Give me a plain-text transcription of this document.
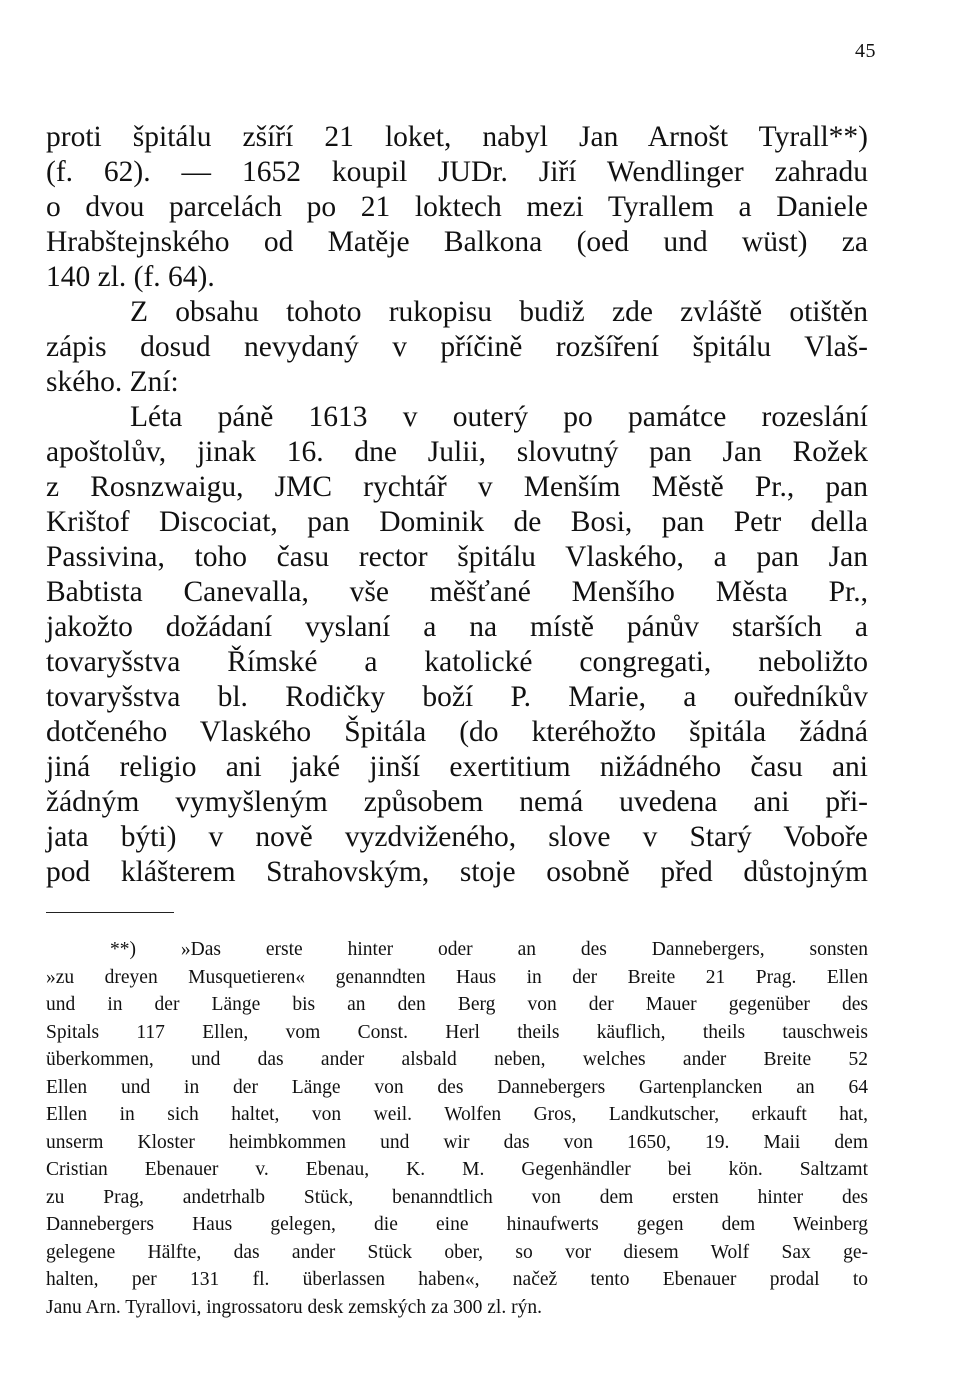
45
proti špitálu zšíří 21 loket, nabyl Jan Arnošt Tyrall**)
(f. 62). — 1652 koupil JUDr. Jiří Wendlinger zahradu
o dvou parcelách po 21 loktech mezi Tyrallem a Daniele
Hrabštejnského od Matěje Balkona (oed und wüst) za
140 zl. (f. 64).
Z obsahu tohoto rukopisu budiž zde zvláště otištěn
zápis dosud nevydaný v příčině rozšíření špitálu Vlaš-
ského. Zní:
Léta páně 1613 v outerý po památce rozeslání
apoštolův, jinak 16. dne Julii, slovutný pan Jan Rožek
z Rosnzwaigu, JMC rychtář v Menším Městě Pr., pan
Krištof Discociat, pan Dominik de Bosi, pan Petr della
Passivina, toho času rector špitálu Vlaského, a pan Jan
Babtista Canevalla, vše měšťané Menšího Města Pr.,
jakožto dožádaní vyslaní a na místě pánův starších a
tovaryšstva Římské a katolické congregati, neboližto
tovaryšstva bl. Rodičky boží P. Marie, a ouředníkův
dotčeného Vlaského Špitála (do kteréhožto špitála žádná
jiná religio ani jaké jinší exertitium nižádného času ani
žádným vymyšleným způsobem nemá uvedena ani při-
jata býti) v nově vyzdviženého, slove v Starý Voboře
pod klášterem Strahovským, stoje osobně před důstojným
**) »Das erste hinter oder an des Dannebergers, sonsten
»zu dreyen Musquetieren« genanndten Haus in der Breite 21 Prag. Ellen
und in der Länge bis an den Berg von der Mauer gegenüber des
Spitals 117 Ellen, vom Const. Herl theils käuflich, theils tauschweis
überkommen, und das ander alsbald neben, welches ander Breite 52
Ellen und in der Länge von des Dannebergers Gartenplancken an 64
Ellen in sich haltet, von weil. Wolfen Gros, Landkutscher, erkauft hat,
unserm Kloster heimbkommen und wir das von 1650, 19. Maii dem
Cristian Ebenauer v. Ebenau, K. M. Gegenhändler bei kön. Saltzamt
zu Prag, andetrhalb Stück, benanndtlich von dem ersten hinter des
Dannebergers Haus gelegen, die eine hinaufwerts gegen dem Weinberg
gelegene Hälfte, das ander Stück ober, so vor diesem Wolf Sax ge-
halten, per 131 fl. überlassen haben«, načež tento Ebenauer prodal to
Janu Arn. Tyrallovi, ingrossatoru desk zemských za 300 zl. rýn.
